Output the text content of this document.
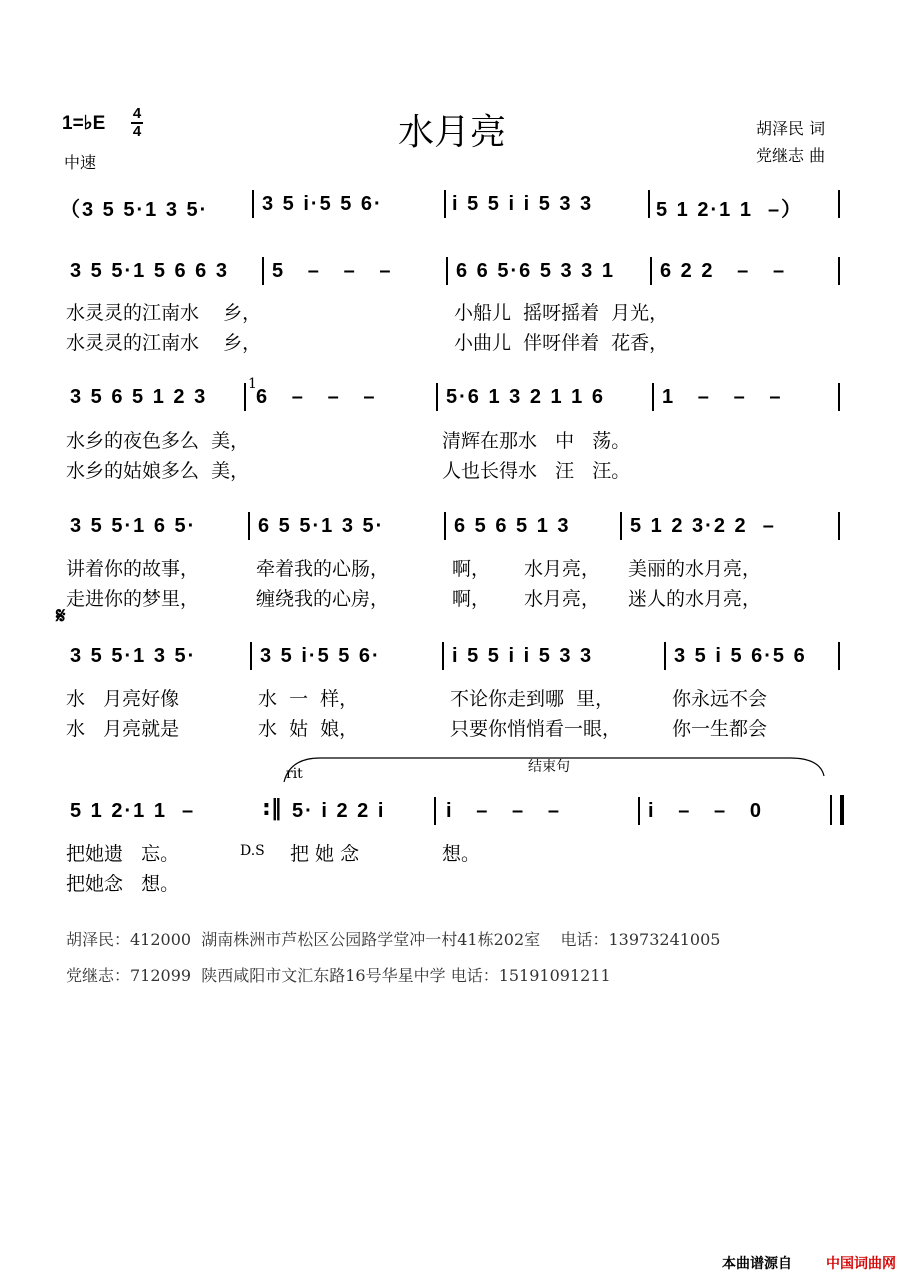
1=♭E 4
4
中速
水月亮	胡泽民 词
党继志 曲
（3 5 5·1 3 5·	3 5 i·5 5 6·	i 5 5 i i 5 3 3	5 1 2·1 1  –）
3 5 5·1 5 6 6 3 5   –   –   –	6 6 5·6 5 3 3 1 6 2 2   –   –
水灵灵的江南水    乡，	小船儿  摇呀摇着  月光，
水灵灵的江南水    乡，	小曲儿  伴呀伴着  花香，
1
3 5 6 5 1 2 3 6   –   –   –	5·6 1 3 2 1 1 6	1   –   –   –
水乡的夜色多么  美，	清辉在那水   中   荡。
水乡的姑娘多么  美，	人也长得水   汪   汪。
3 5 5·1 6 5·	6 5 5·1 3 5·	6 5 6 5 1 3	5 1 2 3·2 2  –
讲着你的故事，	牵着我的心肠，	啊， 水月亮， 美丽的水月亮，
走进你的梦里，	缠绕我的心房，	啊， 水月亮， 迷人的水月亮，
𝄋
3 5 5·1 3 5·	3 5 i·5 5 6·	i 5 5 i i 5 3 3	3 5 i 5 6·5 6
水   月亮好像	水  一  样，	不论你走到哪  里，	你永远不会
水   月亮就是	水  姑  娘，	只要你悄悄看一眼，	你一生都会
rit	结束句
5 1 2·1 1  –	:‖ 5· i 2 2 i	i   –   –   –	i   –   –   0
把她遗   忘。	D.S 把 她 念	想。
把她念   想。
胡泽民：412000  湖南株洲市芦松区公园路学堂冲一村41栋202室    电话：13973241005
党继志：712099  陕西咸阳市文汇东路16号华星中学 电话：15191091211
本曲谱源自 中国词曲网
